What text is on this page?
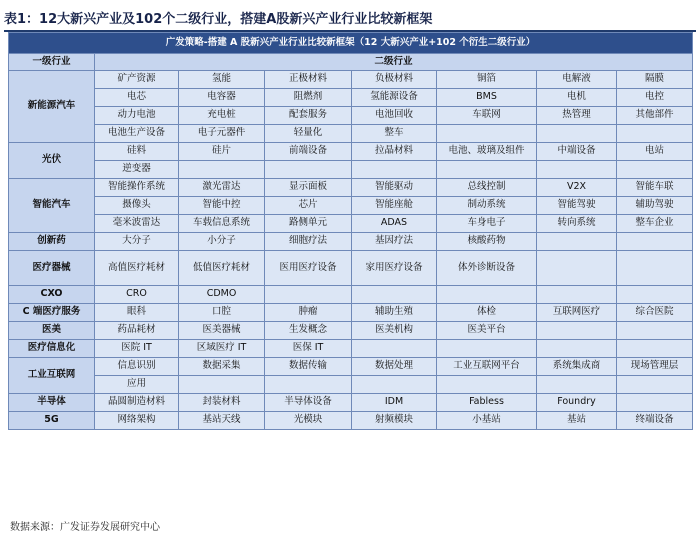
表1：12大新兴产业及102个二级行业，搭建A股新兴产业行业比较新框架
广发策略-搭建 A 股新兴产业行业比较新框架（12 大新兴产业+102 个衍生二级行业）							
一级行业	二级行业						
新能源汽车	矿产资源	氢能	正极材料	负极材料	铜箔	电解液	隔膜
	电芯	电容器	阻燃剂	氢能源设备	BMS	电机	电控
	动力电池	充电桩	配套服务	电池回收	车联网	热管理	其他部件
	电池生产设备	电子元器件	轻量化	整车			
光伏	硅料	硅片	前端设备	拉晶材料	电池、玻璃及组件	中端设备	电站
	逆变器						
智能汽车	智能操作系统	激光雷达	显示面板	智能驱动	总线控制	V2X	智能车联
	摄像头	智能中控	芯片	智能座舱	制动系统	智能驾驶	辅助驾驶
	毫米波雷达	车载信息系统	路侧单元	ADAS	车身电子	转向系统	整车企业
创新药	大分子	小分子	细胞疗法	基因疗法	核酸药物		
医疗器械	高值医疗耗材	低值医疗耗材	医用医疗设备	家用医疗设备	体外诊断设备		
CXO	CRO	CDMO					
C 端医疗服务	眼科	口腔	肿瘤	辅助生殖	体检	互联网医疗	综合医院
医美	药品耗材	医美器械	生发概念	医美机构	医美平台		
医疗信息化	医院 IT	区域医疗 IT	医保 IT				
工业互联网	信息识别	数据采集	数据传输	数据处理	工业互联网平台	系统集成商	现场管理层
	应用						
半导体	晶圆制造材料	封装材料	半导体设备	IDM	Fabless	Foundry	
5G	网络架构	基站天线	光模块	射频模块	小基站	基站	终端设备
数据来源：广发证券发展研究中心
